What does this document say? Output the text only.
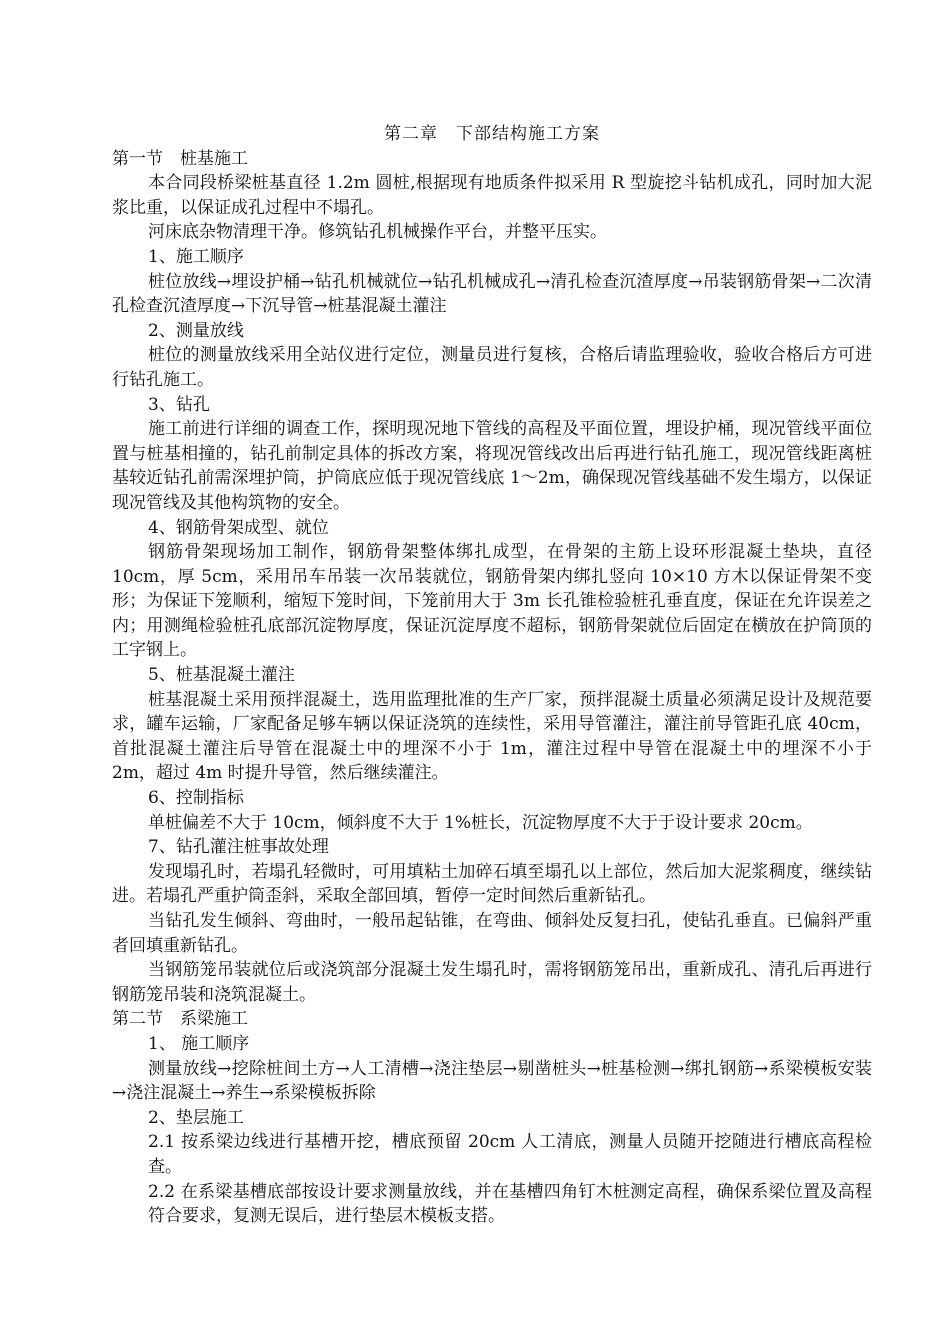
第二章　下部结构施工方案

第一节　桩基施工

本合同段桥梁桩基直径 1.2m 圆桩,根据现有地质条件拟采用 R 型旋挖斗钻机成孔，同时加大泥浆比重，以保证成孔过程中不塌孔。

河床底杂物清理干净。修筑钻孔机械操作平台，并整平压实。

1、施工顺序

桩位放线→埋设护桶→钻孔机械就位→钻孔机械成孔→清孔检查沉渣厚度→吊装钢筋骨架→二次清孔检查沉渣厚度→下沉导管→桩基混凝土灌注

2、测量放线

桩位的测量放线采用全站仪进行定位，测量员进行复核，合格后请监理验收，验收合格后方可进行钻孔施工。

3、钻孔

施工前进行详细的调查工作，探明现况地下管线的高程及平面位置，埋设护桶，现况管线平面位置与桩基相撞的，钻孔前制定具体的拆改方案，将现况管线改出后再进行钻孔施工，现况管线距离桩基较近钻孔前需深埋护筒，护筒底应低于现况管线底 1～2m，确保现况管线基础不发生塌方，以保证现况管线及其他构筑物的安全。

4、钢筋骨架成型、就位

钢筋骨架现场加工制作，钢筋骨架整体绑扎成型，在骨架的主筋上设环形混凝土垫块，直径 10cm，厚 5cm，采用吊车吊装一次吊装就位，钢筋骨架内绑扎竖向 10×10 方木以保证骨架不变形；为保证下笼顺利，缩短下笼时间，下笼前用大于 3m 长孔锥检验桩孔垂直度，保证在允许误差之内；用测绳检验桩孔底部沉淀物厚度，保证沉淀厚度不超标，钢筋骨架就位后固定在横放在护筒顶的工字钢上。

5、桩基混凝土灌注

桩基混凝土采用预拌混凝土，选用监理批准的生产厂家，预拌混凝土质量必须满足设计及规范要求，罐车运输，厂家配备足够车辆以保证浇筑的连续性，采用导管灌注，灌注前导管距孔底 40cm，首批混凝土灌注后导管在混凝土中的埋深不小于 1m，灌注过程中导管在混凝土中的埋深不小于 2m，超过 4m 时提升导管，然后继续灌注。

6、控制指标

单桩偏差不大于 10cm，倾斜度不大于 1%桩长，沉淀物厚度不大于于设计要求 20cm。

7、钻孔灌注桩事故处理

发现塌孔时，若塌孔轻微时，可用填粘土加碎石填至塌孔以上部位，然后加大泥浆稠度，继续钻进。若塌孔严重护筒歪斜，采取全部回填，暂停一定时间然后重新钻孔。

当钻孔发生倾斜、弯曲时，一般吊起钻锥，在弯曲、倾斜处反复扫孔，使钻孔垂直。已偏斜严重者回填重新钻孔。

当钢筋笼吊装就位后或浇筑部分混凝土发生塌孔时，需将钢筋笼吊出，重新成孔、清孔后再进行钢筋笼吊装和浇筑混凝土。

第二节　系梁施工

1、 施工顺序

测量放线→挖除桩间土方→人工清槽→浇注垫层→剔凿桩头→桩基检测→绑扎钢筋→系梁模板安装→浇注混凝土→养生→系梁模板拆除

2、垫层施工

2.1 按系梁边线进行基槽开挖，槽底预留 20cm 人工清底，测量人员随开挖随进行槽底高程检查。

2.2 在系梁基槽底部按设计要求测量放线，并在基槽四角钉木桩测定高程，确保系梁位置及高程符合要求，复测无误后，进行垫层木模板支搭。
